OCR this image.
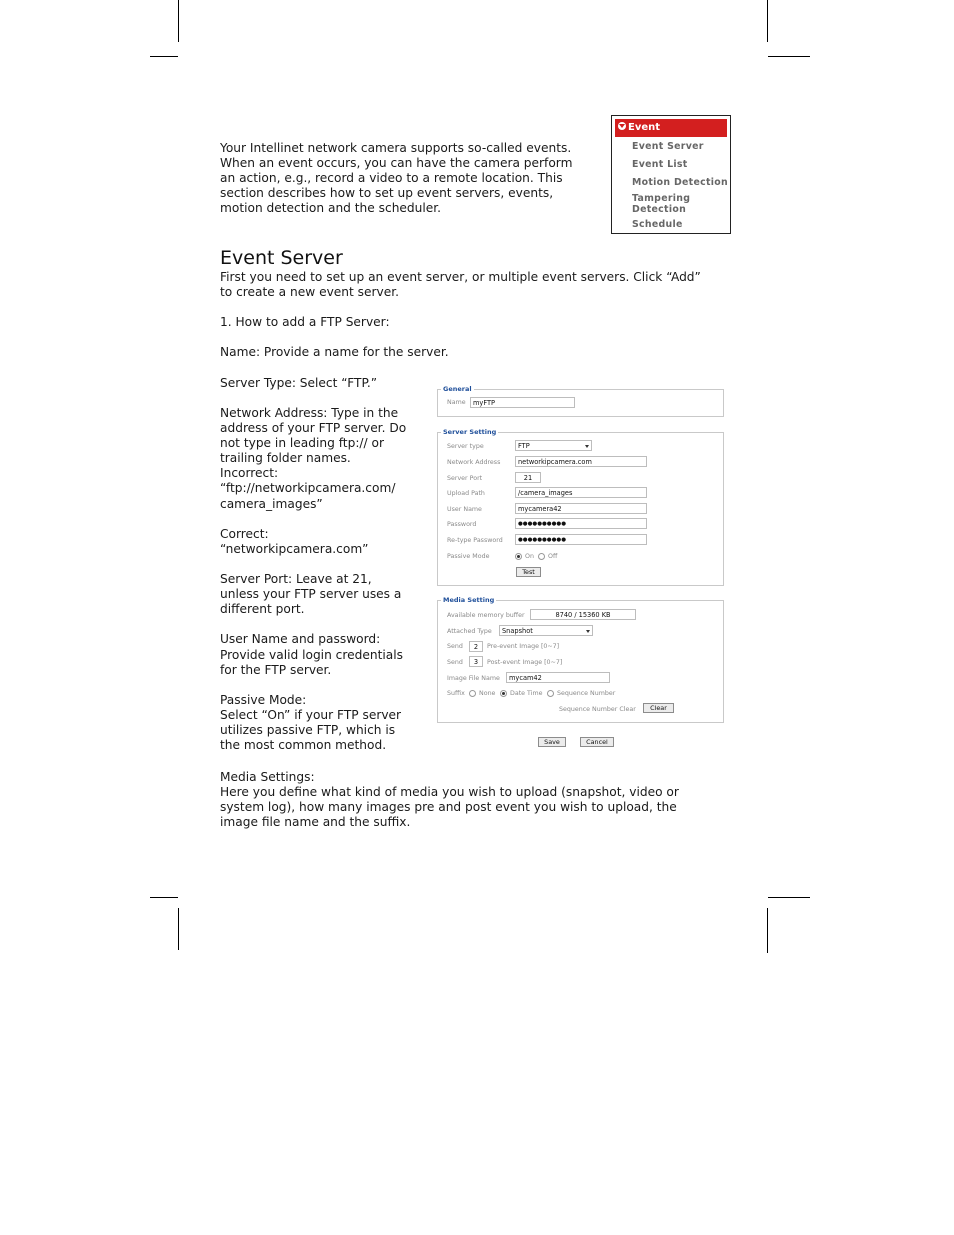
Your Intellinet network camera supports so-called events.
When an event occurs, you can have the camera perform
an action, e.g., record a video to a remote location. This
section describes how to set up event servers, events,
motion detection and the scheduler.
Event
Event Server
Event List
Motion Detection
Tampering
Detection
Schedule
Event Server
First you need to set up an event server, or multiple event servers. Click “Add”
to create a new event server.
1. How to add a FTP Server:
Name: Provide a name for the server.
Server Type: Select “FTP.”
Network Address: Type in the
address of your FTP server. Do
not type in leading ftp:// or
trailing folder names.
Incorrect:
“ftp://networkipcamera.com/
camera_images”
Correct:
“networkipcamera.com”
Server Port: Leave at 21,
unless your FTP server uses a
different port.
User Name and password:
Provide valid login credentials
for the FTP server.
Passive Mode:
Select “On” if your FTP server
utilizes passive FTP, which is
the most common method.
Media Settings:
Here you define what kind of media you wish to upload (snapshot, video or
system log), how many images pre and post event you wish to upload, the
image file name and the suffix.
General
Name	myFTP
Server Setting
Server type	FTP
Network Address	networkipcamera.com
Server Port	21
Upload Path	/camera_images
User Name	mycamera42
Password	●●●●●●●●●●
Re-type Password	●●●●●●●●●●
Passive Mode	On Off
Test
Media Setting
Available memory buffer	8740 / 15360 KB
Attached Type	Snapshot
Send	2	Pre-event Image [0~7]
Send	3	Post-event Image [0~7]
Image File Name	mycam42
Suffix None Date Time Sequence Number
Sequence Number Clear	Clear
Save	Cancel
